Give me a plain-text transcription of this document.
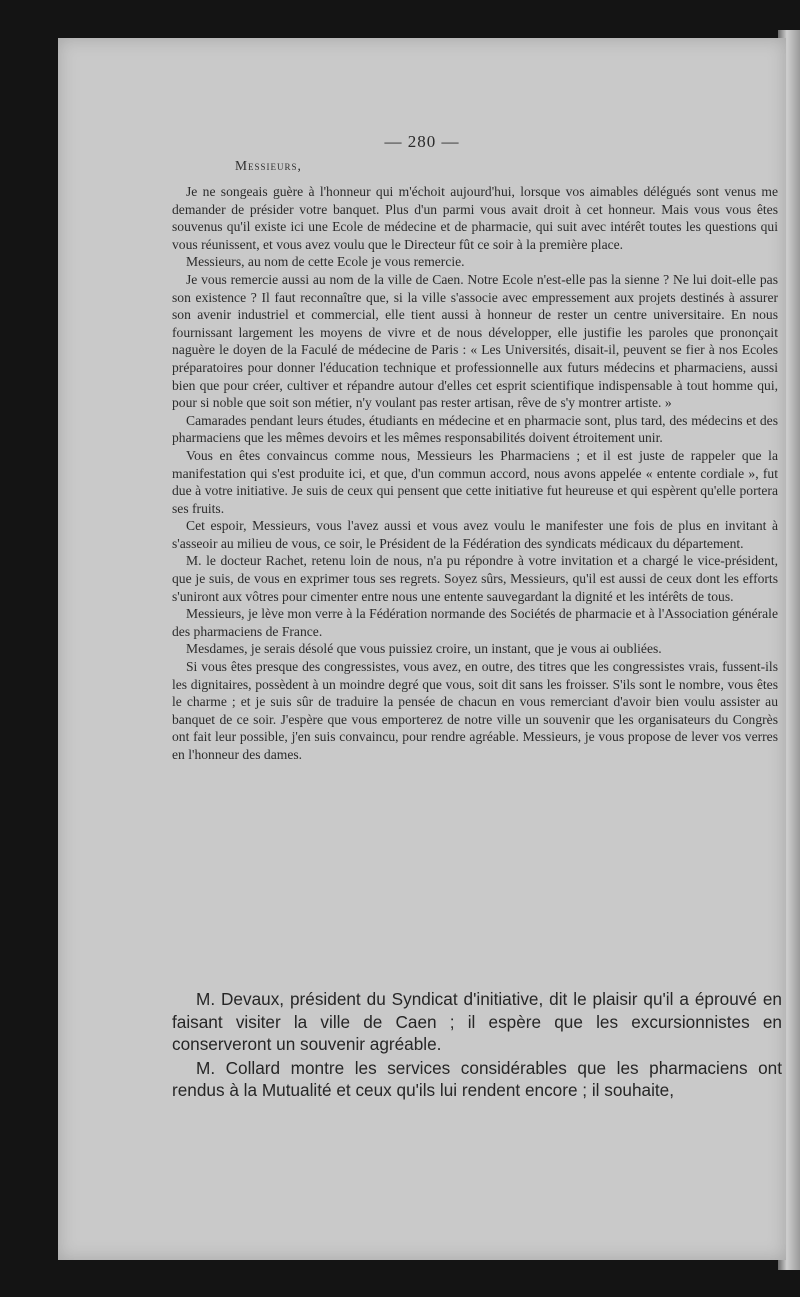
— 280 —
Messieurs,

Je ne songeais guère à l'honneur qui m'échoit aujourd'hui, lorsque vos aimables délégués sont venus me demander de présider votre banquet. Plus d'un parmi vous avait droit à cet honneur. Mais vous vous êtes souvenus qu'il existe ici une Ecole de médecine et de pharmacie, qui suit avec intérêt toutes les questions qui vous réunissent, et vous avez voulu que le Directeur fût ce soir à la première place.

Messieurs, au nom de cette Ecole je vous remercie.

Je vous remercie aussi au nom de la ville de Caen. Notre Ecole n'est-elle pas la sienne ? Ne lui doit-elle pas son existence ? Il faut reconnaître que, si la ville s'associe avec empressement aux projets destinés à assurer son avenir industriel et commercial, elle tient aussi à honneur de rester un centre universitaire. En nous fournissant largement les moyens de vivre et de nous développer, elle justifie les paroles que prononçait naguère le doyen de la Faculé de médecine de Paris : « Les Universités, disait-il, peuvent se fier à nos Ecoles préparatoires pour donner l'éducation technique et professionnelle aux futurs médecins et pharmaciens, aussi bien que pour créer, cultiver et répandre autour d'elles cet esprit scientifique indispensable à tout homme qui, pour si noble que soit son métier, n'y voulant pas rester artisan, rêve de s'y montrer artiste. »

Camarades pendant leurs études, étudiants en médecine et en pharmacie sont, plus tard, des médecins et des pharmaciens que les mêmes devoirs et les mêmes responsabilités doivent étroitement unir.

Vous en êtes convaincus comme nous, Messieurs les Pharmaciens ; et il est juste de rappeler que la manifestation qui s'est produite ici, et que, d'un commun accord, nous avons appelée « entente cordiale », fut due à votre initiative. Je suis de ceux qui pensent que cette initiative fut heureuse et qui espèrent qu'elle portera ses fruits.

Cet espoir, Messieurs, vous l'avez aussi et vous avez voulu le manifester une fois de plus en invitant à s'asseoir au milieu de vous, ce soir, le Président de la Fédération des syndicats médicaux du département.

M. le docteur Rachet, retenu loin de nous, n'a pu répondre à votre invitation et a chargé le vice-président, que je suis, de vous en exprimer tous ses regrets. Soyez sûrs, Messieurs, qu'il est aussi de ceux dont les efforts s'uniront aux vôtres pour cimenter entre nous une entente sauvegardant la dignité et les intérêts de tous.

Messieurs, je lève mon verre à la Fédération normande des Sociétés de pharmacie et à l'Association générale des pharmaciens de France.

Mesdames, je serais désolé que vous puissiez croire, un instant, que je vous ai oubliées.

Si vous êtes presque des congressistes, vous avez, en outre, des titres que les congressistes vrais, fussent-ils les dignitaires, possèdent à un moindre degré que vous, soit dit sans les froisser. S'ils sont le nombre, vous êtes le charme ; et je suis sûr de traduire la pensée de chacun en vous remerciant d'avoir bien voulu assister au banquet de ce soir. J'espère que vous emporterez de notre ville un souvenir que les organisateurs du Congrès ont fait leur possible, j'en suis convaincu, pour rendre agréable. Messieurs, je vous propose de lever vos verres en l'honneur des dames.

M. Devaux, président du Syndicat d'initiative, dit le plaisir qu'il a éprouvé en faisant visiter la ville de Caen ; il espère que les excursionnistes en conserveront un souvenir agréable.

M. Collard montre les services considérables que les pharmaciens ont rendus à la Mutualité et ceux qu'ils lui rendent encore ; il souhaite,
